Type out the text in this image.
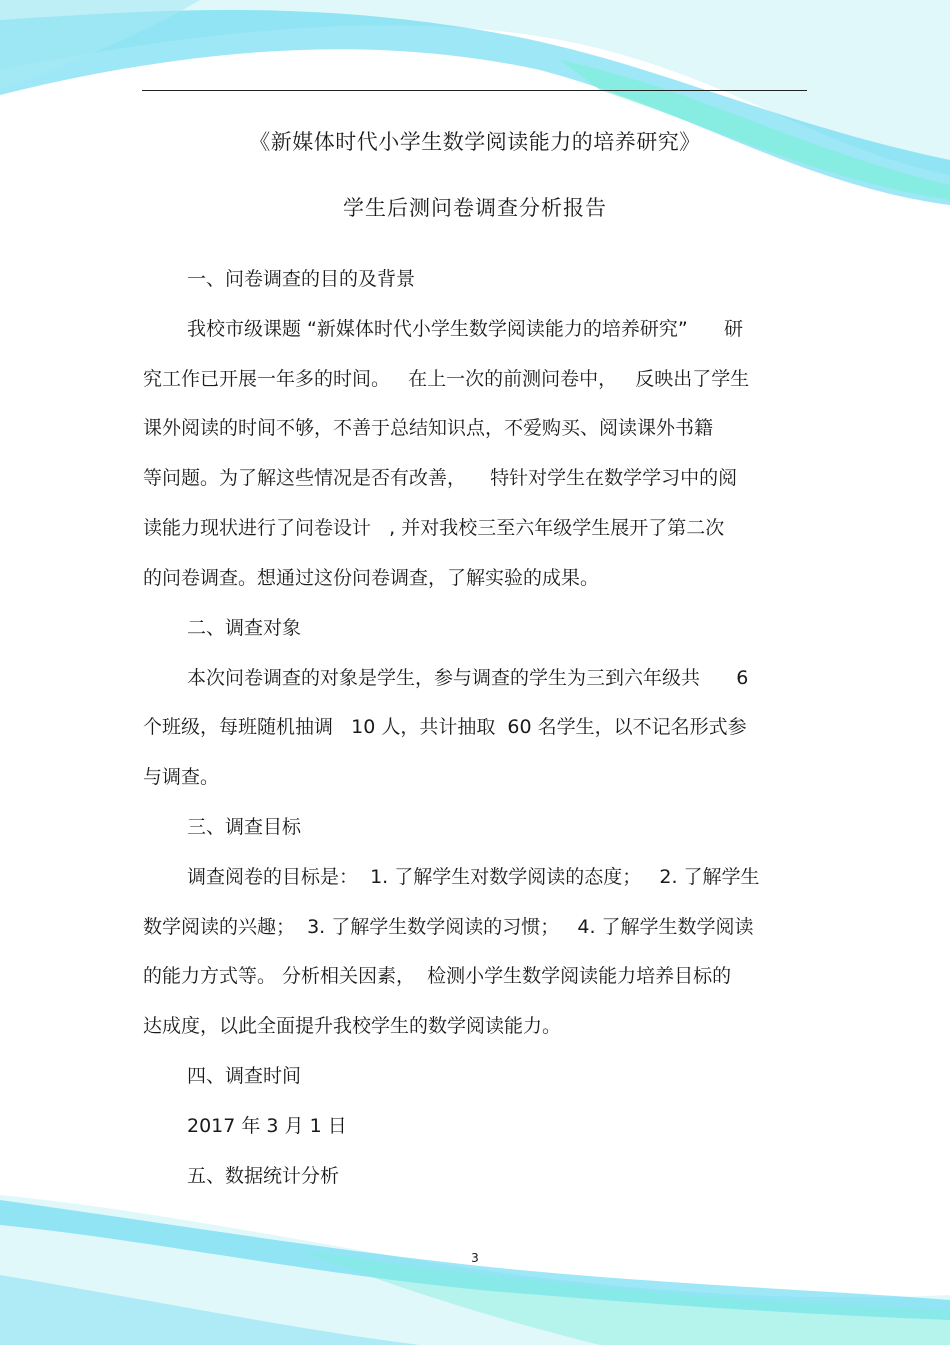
《新媒体时代小学生数学阅读能力的培养研究》
学生后测问卷调查分析报告
一、问卷调查的目的及背景
我校市级课题 “新媒体时代小学生数学阅读能力的培养研究”      研
究工作已开展一年多的时间。   在上一次的前测问卷中，   反映出了学生
课外阅读的时间不够，不善于总结知识点，不爱购买、阅读课外书籍
等问题。为了解这些情况是否有改善，    特针对学生在数学学习中的阅
读能力现状进行了问卷设计   , 并对我校三至六年级学生展开了第二次
的问卷调查。想通过这份问卷调查，了解实验的成果。
二、调查对象
本次问卷调查的对象是学生，参与调查的学生为三到六年级共      6
个班级，每班随机抽调   10 人，共计抽取  60 名学生，以不记名形式参
与调查。
三、调查目标
调查阅卷的目标是：  1. 了解学生对数学阅读的态度；   2. 了解学生
数学阅读的兴趣；  3. 了解学生数学阅读的习惯；   4. 了解学生数学阅读
的能力方式等。 分析相关因素，  检测小学生数学阅读能力培养目标的
达成度，以此全面提升我校学生的数学阅读能力。
四、调查时间
2017 年 3 月 1 日
五、数据统计分析
3
